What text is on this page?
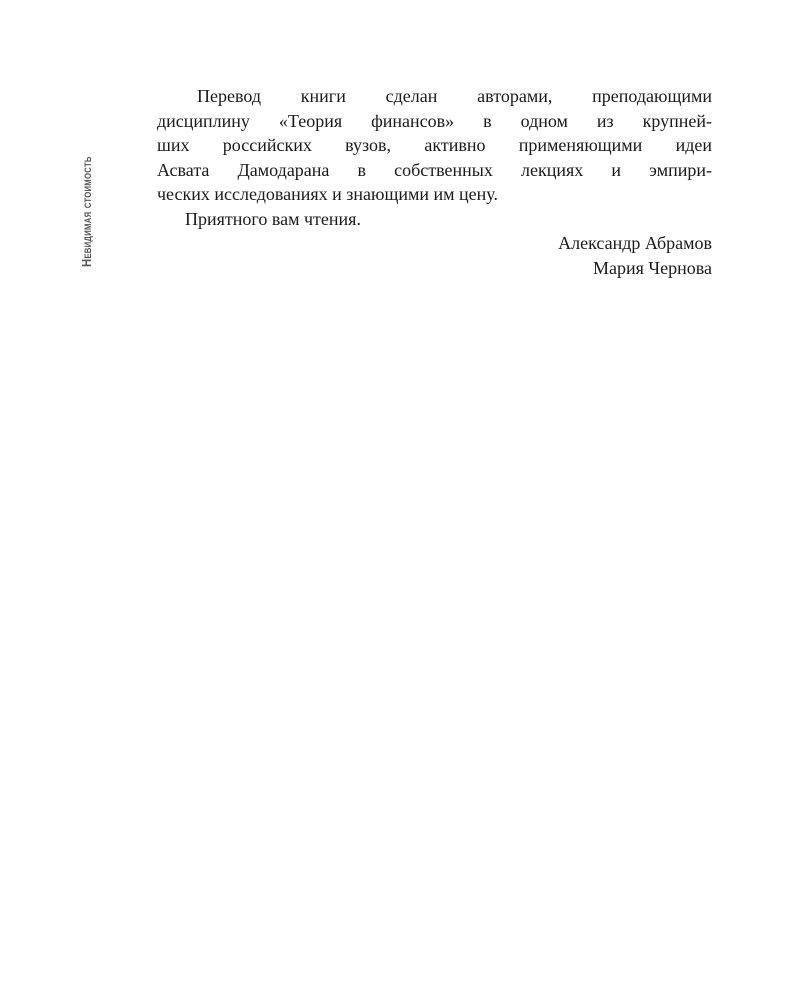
Невидимая стоимость

Перевод книги сделан авторами, преподающими

дисциплину «Теория финансов» в одном из крупней-

ших российских вузов, активно применяющими идеи

Асвата Дамодарана в собственных лекциях и эмпири-

ческих исследованиях и знающими им цену.

Приятного вам чтения.

Александр Абрамов

Мария Чернова
